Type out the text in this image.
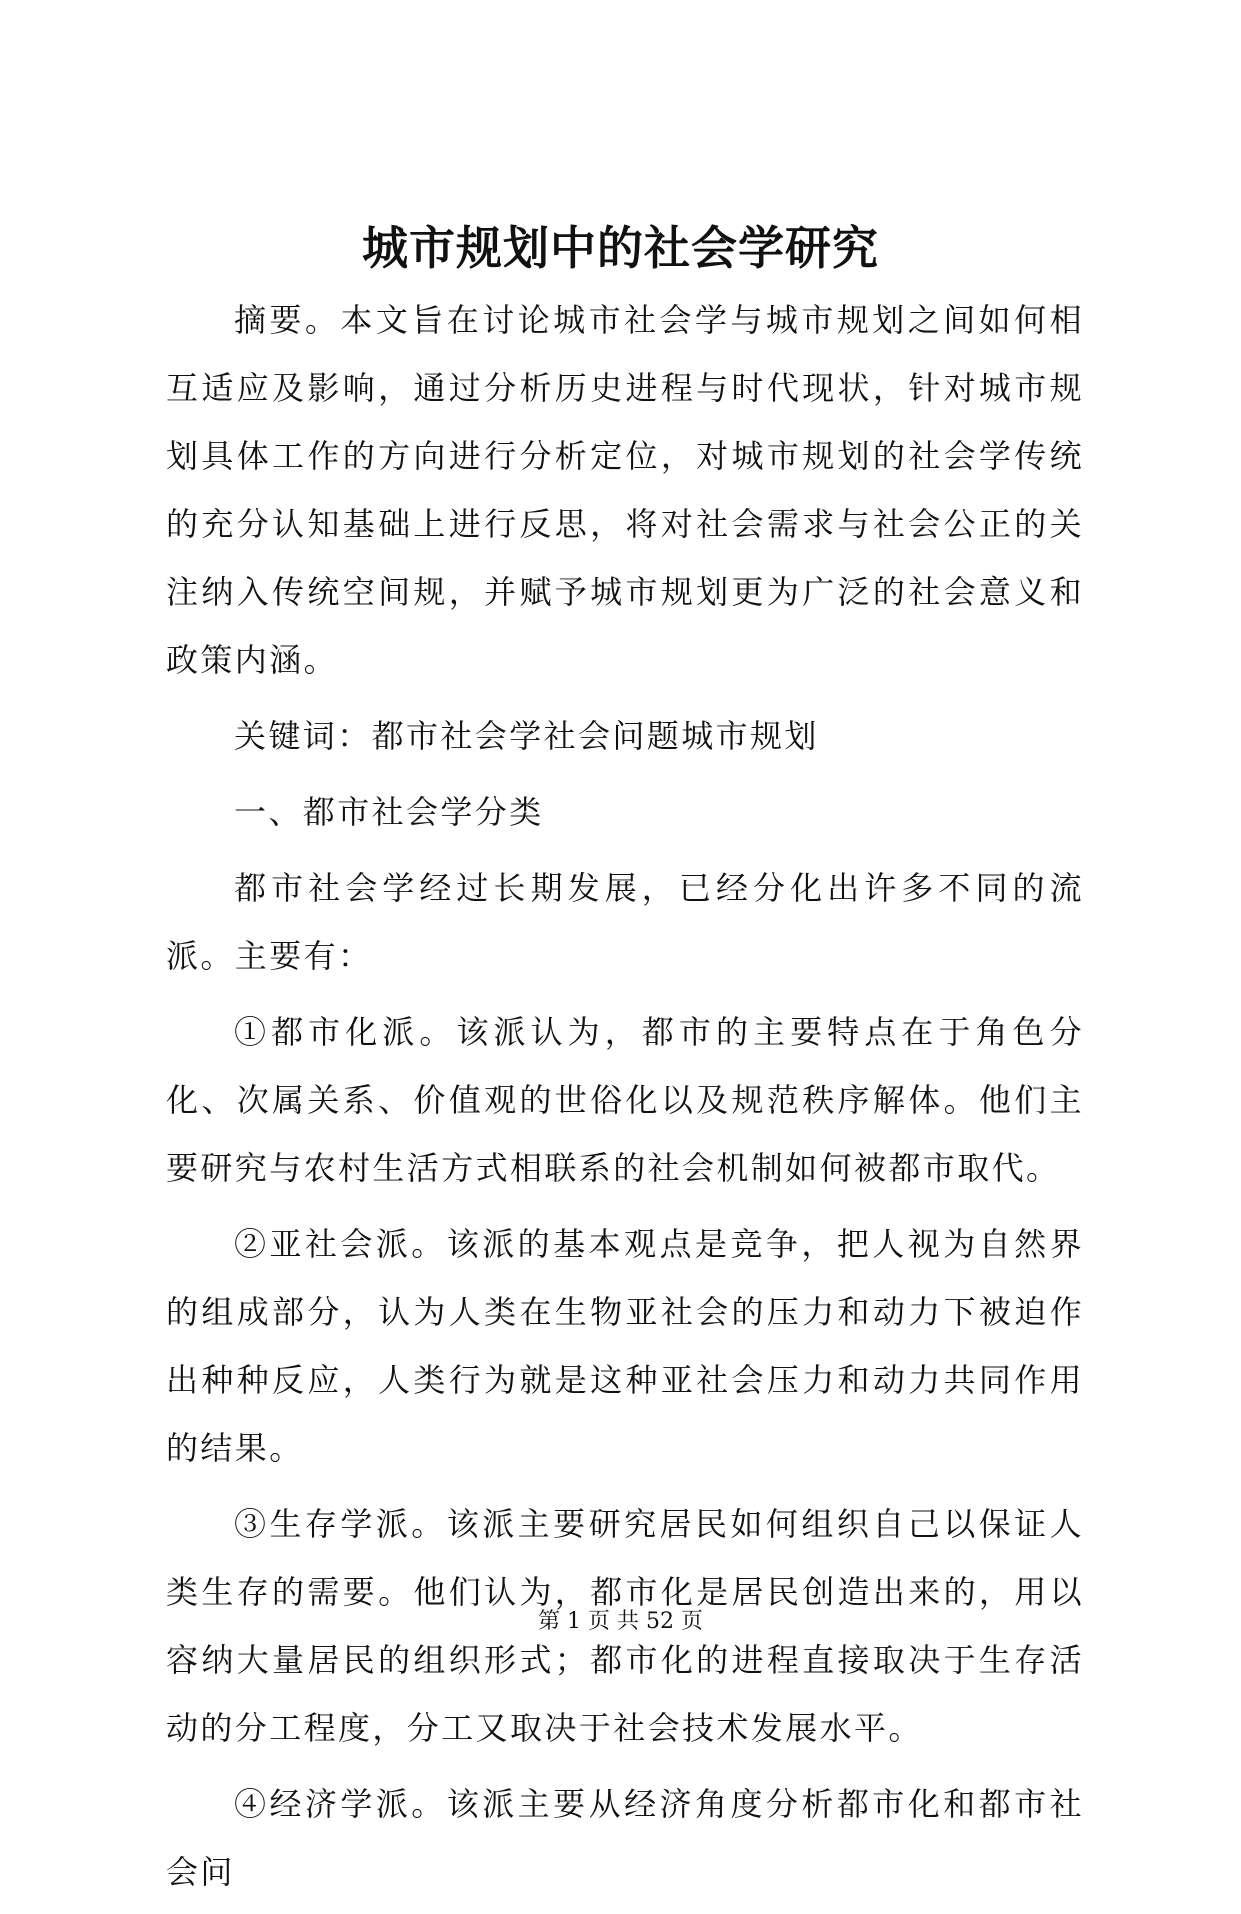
城市规划中的社会学研究

摘要。本文旨在讨论城市社会学与城市规划之间如何相互适应及影响，通过分析历史进程与时代现状，针对城市规划具体工作的方向进行分析定位，对城市规划的社会学传统的充分认知基础上进行反思，将对社会需求与社会公正的关注纳入传统空间规，并赋予城市规划更为广泛的社会意义和政策内涵。

关键词：都市社会学社会问题城市规划

一、都市社会学分类

都市社会学经过长期发展，已经分化出许多不同的流派。主要有：

①都市化派。该派认为，都市的主要特点在于角色分化、次属关系、价值观的世俗化以及规范秩序解体。他们主要研究与农村生活方式相联系的社会机制如何被都市取代。

②亚社会派。该派的基本观点是竞争，把人视为自然界的组成部分，认为人类在生物亚社会的压力和动力下被迫作出种种反应，人类行为就是这种亚社会压力和动力共同作用的结果。

③生存学派。该派主要研究居民如何组织自己以保证人类生存的需要。他们认为，都市化是居民创造出来的，用以容纳大量居民的组织形式；都市化的进程直接取决于生存活动的分工程度，分工又取决于社会技术发展水平。

④经济学派。该派主要从经济角度分析都市化和都市社会问

第 1 页 共 52 页
